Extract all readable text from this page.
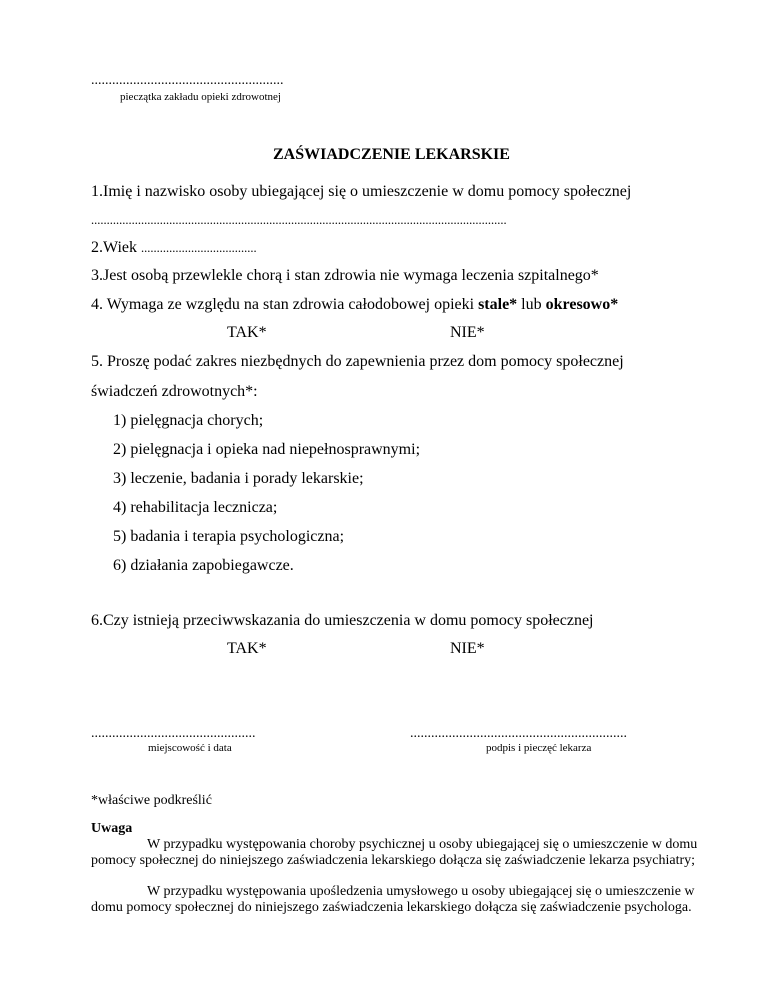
.......................................................
pieczątka zakładu opieki zdrowotnej
ZAŚWIADCZENIE LEKARSKIE
1.Imię i nazwisko osoby ubiegającej się o umieszczenie w domu pomocy społecznej
.....................................................................................................................................
2.Wiek .....................................
3.Jest osobą przewlekle chorą i stan zdrowia nie wymaga leczenia szpitalnego*
4. Wymaga ze względu na stan zdrowia całodobowej opieki stale* lub okresowo*
TAK*	NIE*
5. Proszę podać zakres niezbędnych do zapewnienia przez dom pomocy społecznej
świadczeń zdrowotnych*:
1) pielęgnacja chorych;
2) pielęgnacja i opieka nad niepełnosprawnymi;
3) leczenie, badania i porady lekarskie;
4) rehabilitacja lecznicza;
5) badania i terapia psychologiczna;
6) działania zapobiegawcze.
6.Czy istnieją przeciwwskazania do umieszczenia w domu pomocy społecznej
TAK*	NIE*
...............................................
miejscowość i data
..............................................................
podpis i pieczęć lekarza
*właściwe podkreślić
Uwaga
W przypadku występowania choroby psychicznej u osoby ubiegającej się o umieszczenie w domu pomocy społecznej do niniejszego zaświadczenia lekarskiego dołącza się zaświadczenie lekarza psychiatry;
W przypadku występowania upośledzenia umysłowego u osoby ubiegającej się o umieszczenie w domu pomocy społecznej do niniejszego zaświadczenia lekarskiego dołącza się zaświadczenie psychologa.
